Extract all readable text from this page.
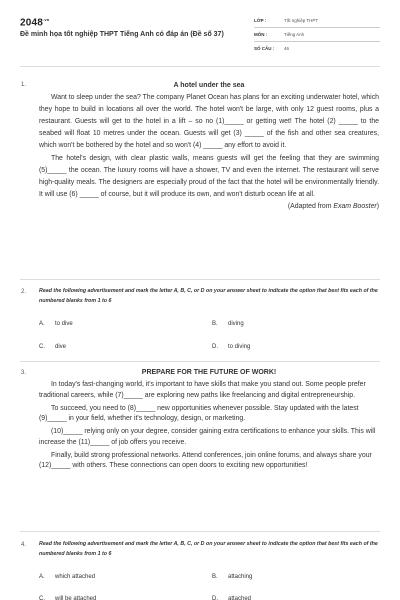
$2048^{.vn}$
Đề minh họa tốt nghiệp THPT Tiếng Anh có đáp án (Đề số 37)
LỚP :	Tốt nghiệp THPT
MÔN :	Tiếng Anh
SỐ CÂU : 46
1.	A hotel under the sea
Want to sleep under the sea? The company Planet Ocean has plans for an exciting underwater hotel, which they hope to build in locations all over the world. The hotel won't be large, with only 12 guest rooms, plus a restaurant. Guests will get to the hotel in a lift – so no (1)_____ or getting wet! The hotel (2) _____ to the seabed will float 10 metres under the ocean. Guests will get (3) _____ of the fish and other sea creatures, which won't be bothered by the hotel and so won't (4) _____ any effort to avoid it.
The hotel's design, with clear plastic walls, means guests will get the feeling that they are swimming (5)_____ the ocean. The luxury rooms will have a shower, TV and even the internet. The restaurant will serve high-quality meals. The designers are especially proud of the fact that the hotel will be environmentally friendly. It will use (6) _____ of course, but it will produce its own, and won't disturb ocean life at all.
(Adapted from Exam Booster)
2. Read the following advertisement and mark the letter A, B, C, or D on your answer sheet to indicate the option that best fits each of the numbered blanks from 1 to 6
A. to dive	B. diving
C. dive	D. to diving
3.	PREPARE FOR THE FUTURE OF WORK!
In today's fast-changing world, it's important to have skills that make you stand out. Some people prefer traditional careers, while (7)_____ are exploring new paths like freelancing and digital entrepreneurship.
To succeed, you need to (8)_____ new opportunities whenever possible. Stay updated with the latest (9)_____ in your field, whether it's technology, design, or marketing.
(10)_____ relying only on your degree, consider gaining extra certifications to enhance your skills. This will increase the (11)_____ of job offers you receive.
Finally, build strong professional networks. Attend conferences, join online forums, and always share your (12)_____ with others. These connections can open doors to exciting new opportunities!
4. Read the following advertisement and mark the letter A, B, C, or D on your answer sheet to indicate the option that best fits each of the numbered blanks from 1 to 6
A. which attached	B. attaching
C. will be attached	D. attached
